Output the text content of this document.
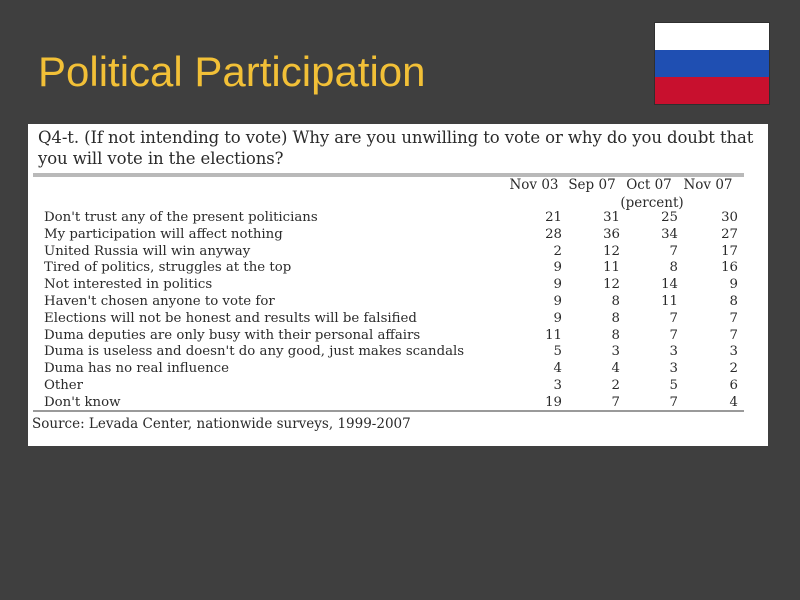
Political Participation

Q4-t. (If not intending to vote) Why are you unwilling to vote or why do you doubt that you will vote in the elections?

Nov 03 Sep 07 Oct 07 Nov 07
(percent)
Don't trust any of the present politicians	21	31	25	30
My participation will affect nothing	28	36	34	27
United Russia will win anyway	2	12	7	17
Tired of politics, struggles at the top	9	11	8	16
Not interested in politics	9	12	14	9
Haven't chosen anyone to vote for	9	8	11	8
Elections will not be honest and results will be falsified	9	8	7	7
Duma deputies are only busy with their personal affairs	11	8	7	7
Duma is useless and doesn't do any good, just makes scandals	5	3	3	3
Duma has no real influence	4	4	3	2
Other	3	2	5	6
Don't know	19	7	7	4
Source: Levada Center, nationwide surveys, 1999-2007
